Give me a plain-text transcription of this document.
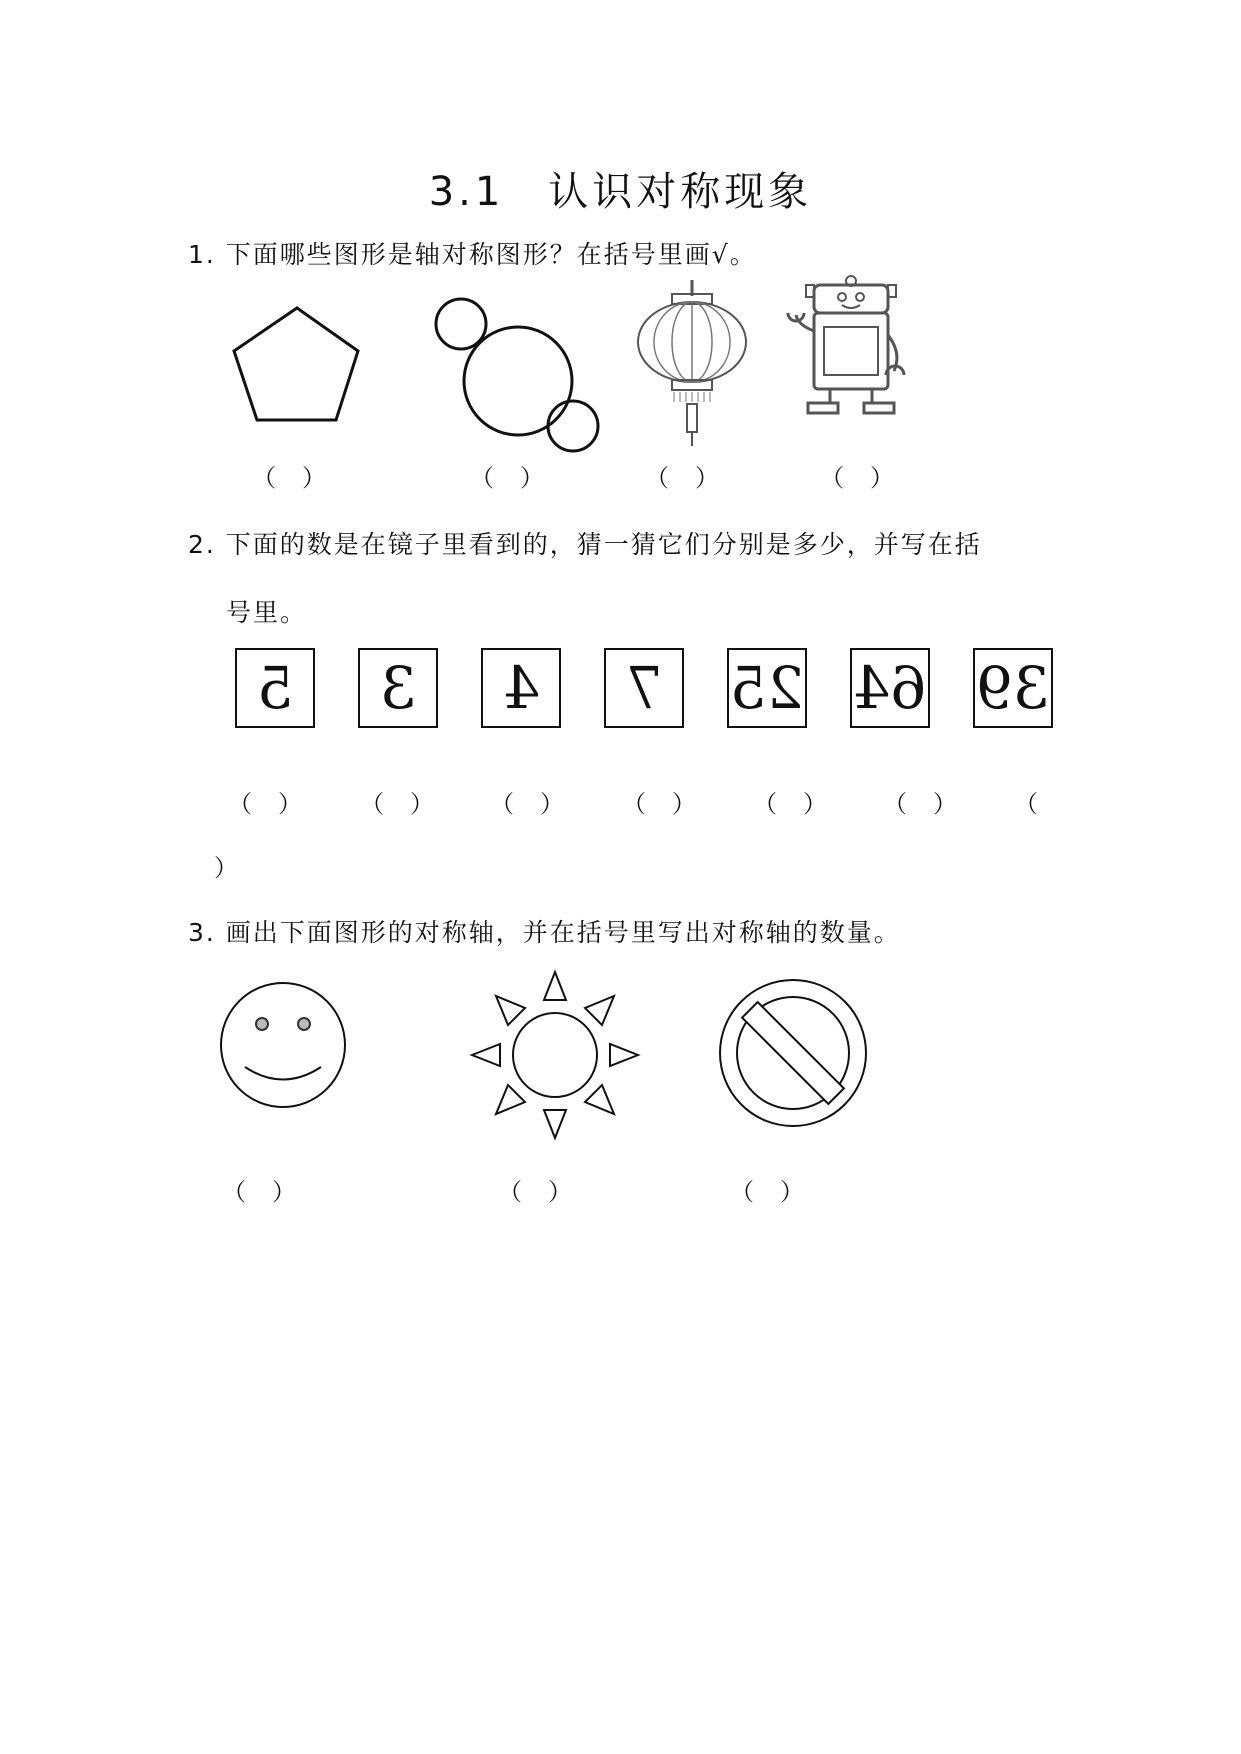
3.1　认识对称现象
1. 下面哪些图形是轴对称图形？在括号里画√。
（ 　 ）
（ 　 ）
（ 　 ）
（ 　 ）
2. 下面的数是在镜子里看到的，猜一猜它们分别是多少，并写在括
号里。
5 3 4 7 25 64 39
（ 　 ）
（ 　 ）
（ 　 ）
（ 　 ）
（ 　 ）
（ 　 ）
（
）
3. 画出下面图形的对称轴，并在括号里写出对称轴的数量。
（ 　 ）
（ 　 ）
（ 　 ）
